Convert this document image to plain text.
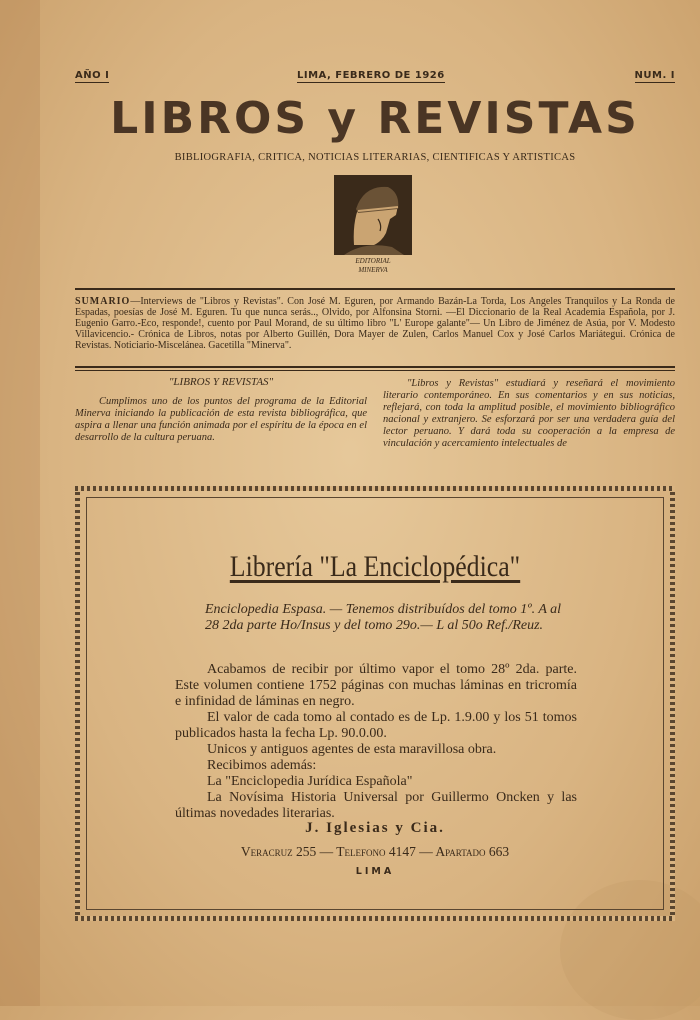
AÑO I	LIMA, FEBRERO DE 1926	NUM. I
LIBROS y REVISTAS
BIBLIOGRAFIA, CRITICA, NOTICIAS LITERARIAS, CIENTIFICAS Y ARTISTICAS
EDITORIAL
MINERVA
SUMARIO—Interviews de "Libros y Revistas". Con José M. Eguren, por Armando Bazán-La Torda, Los Angeles Tranquilos y La Ronda de Espadas, poesías de José M. Eguren. Tu que nunca serás.., Olvido, por Alfonsina Storni. —El Diccionario de la Real Academia Española, por J. Eugenio Garro.-Eco, responde!, cuento por Paul Morand, de su último libro "L' Europe galante"— Un Libro de Jiménez de Asúa, por V. Modesto Villavicencio.- Crónica de Libros, notas por Alberto Guillén, Dora Mayer de Zulen, Carlos Manuel Cox y José Carlos Mariátegui. Crónica de Revistas. Noticiario-Miscelánea. Gacetilla "Minerva".
"LIBROS Y REVISTAS"
Cumplimos uno de los puntos del programa de la Editorial Minerva iniciando la publicación de esta revista bibliográfica, que aspira a llenar una función animada por el espíritu de la época en el desarrollo de la cultura peruana.
"Libros y Revistas" estudiará y reseñará el movimiento literario contemporáneo. En sus comentarios y en sus noticias, reflejará, con toda la amplitud posible, el movimiento bibliográfico nacional y extranjero. Se esforzará por ser una verdadera guía del lector peruano. Y dará toda su cooperación a la empresa de vinculación y acercamiento intelectuales de
Librería "La Enciclopédica"
Enciclopedia Espasa. — Tenemos distribuídos del tomo 1º. A al 28 2da parte Ho/Insus y del tomo 29o.— L al 50o Ref./Reuz.

Acabamos de recibir por último vapor el tomo 28º 2da. parte. Este volumen contiene 1752 páginas con muchas láminas en tricromía e infinidad de láminas en negro.

El valor de cada tomo al contado es de Lp. 1.9.00 y los 51 tomos publicados hasta la fecha Lp. 90.0.00.

Unicos y antiguos agentes de esta maravillosa obra.

Recibimos además:

La "Enciclopedia Jurídica Española"

La Novísima Historia Universal por Guillermo Oncken y las últimas novedades literarias.

J. Iglesias y Cia.
Veracruz 255 — Telefono 4147 — Apartado 663
LIMA
